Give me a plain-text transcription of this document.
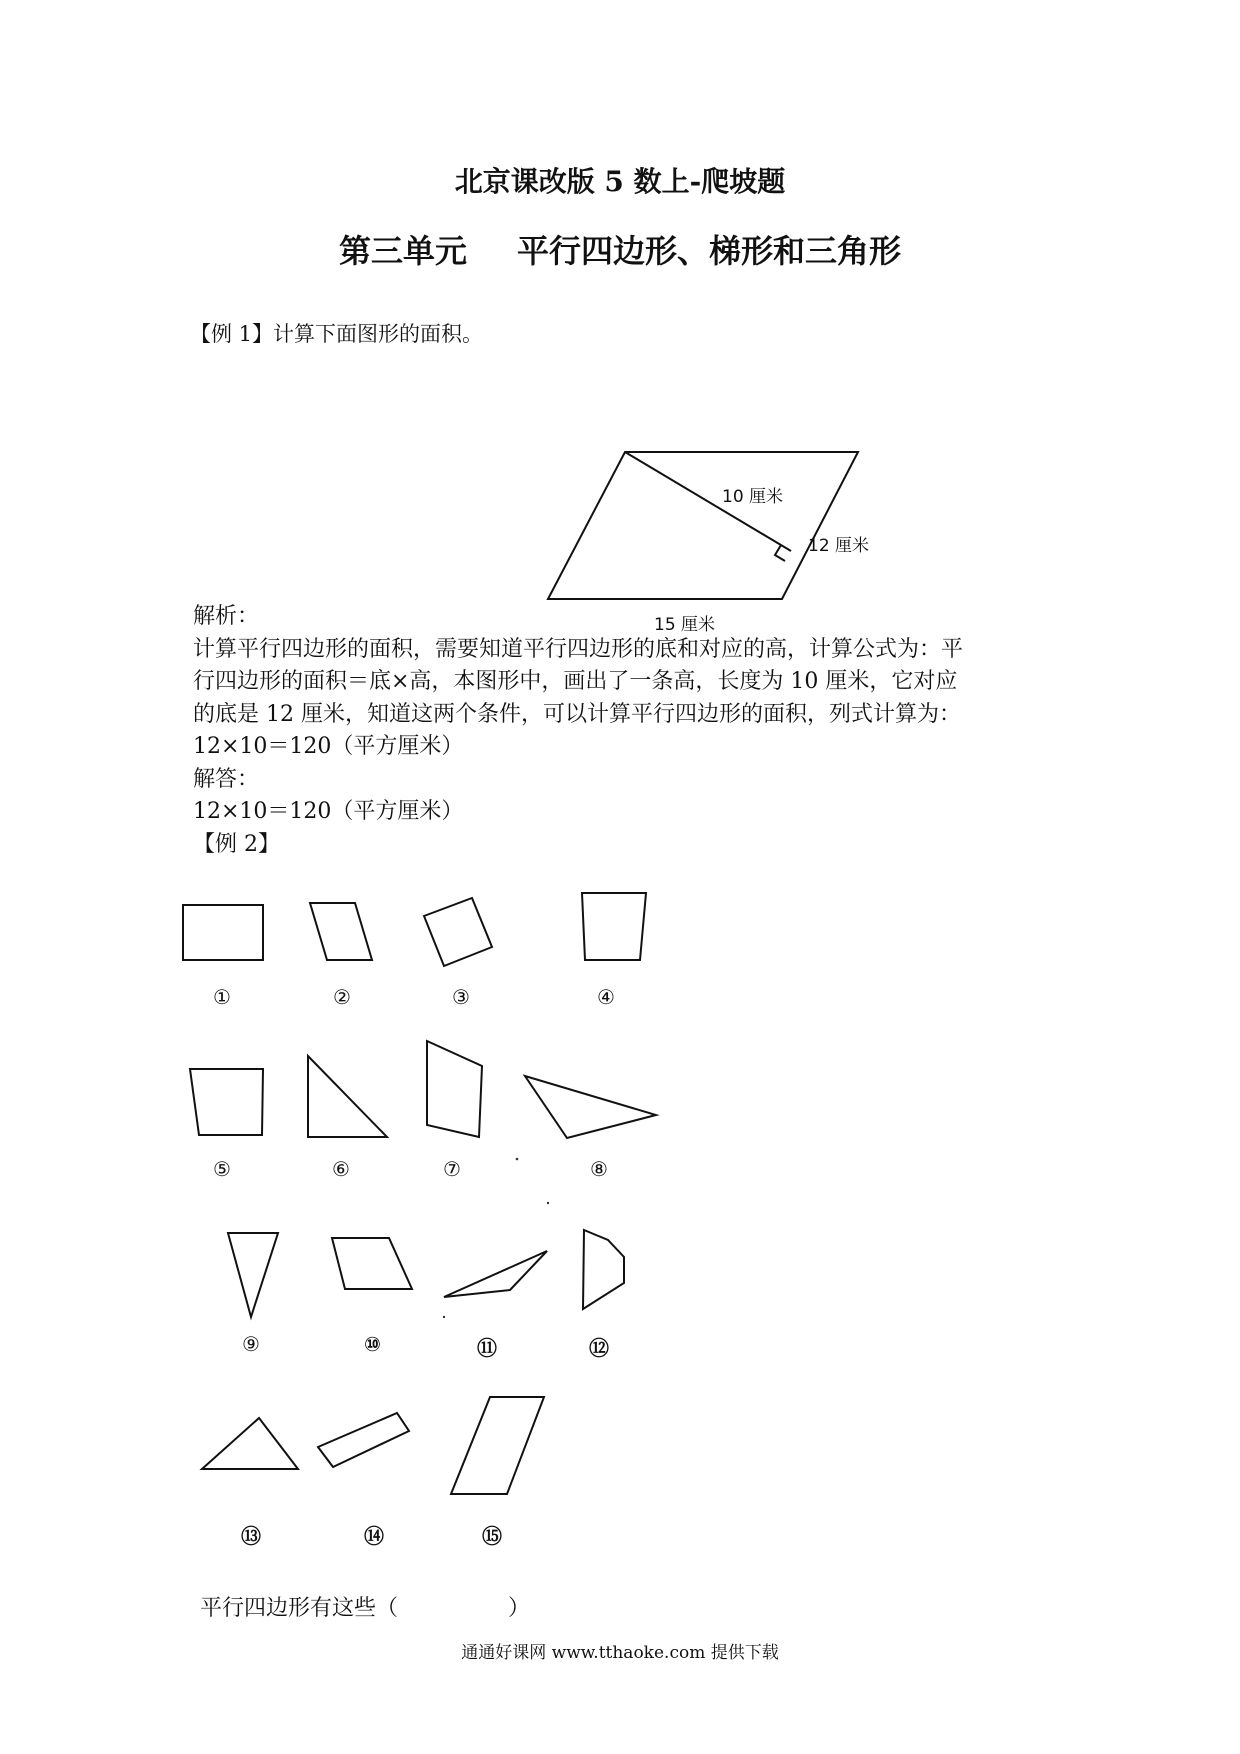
北京课改版 5 数上-爬坡题
第三单元 平行四边形、梯形和三角形
【例 1】计算下面图形的面积。
10 厘米
12 厘米
15 厘米

解析：

计算平行四边形的面积，需要知道平行四边形的底和对应的高，计算公式为：平

行四边形的面积＝底×高，本图形中，画出了一条高，长度为 10 厘米，它对应

的底是 12 厘米，知道这两个条件，可以计算平行四边形的面积，列式计算为：

12×10＝120（平方厘米）

解答：

12×10＝120（平方厘米）

【例 2】

①	②	③	④
⑤	⑥	⑦	⑧
⑨	⑩	⑪	⑫
⑬	⑭	⑮
平行四边形有这些（　　　　　）
通通好课网 www.tthaoke.com 提供下载
